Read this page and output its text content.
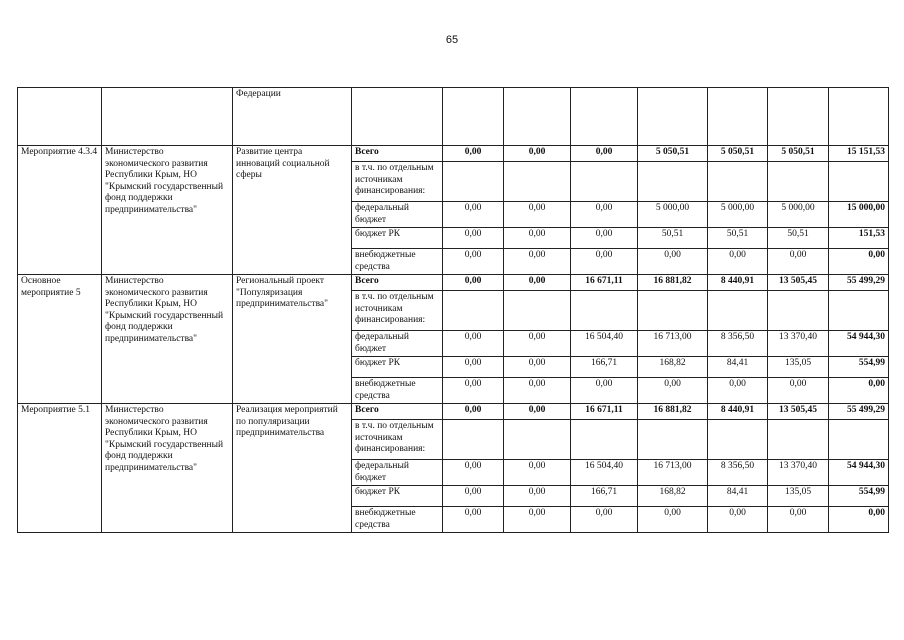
65
		Федерации								
Мероприятие 4.3.4	Министерство экономического развития Республики Крым, НО "Крымский государственный фонд поддержки предпринимательства"	Развитие центра инноваций социальной сферы	Всего	0,00	0,00	0,00	5 050,51	5 050,51	5 050,51	15 151,53
			в т.ч. по отдельным источникам финансирования:							
			федеральный бюджет	0,00	0,00	0,00	5 000,00	5 000,00	5 000,00	15 000,00
			бюджет РК	0,00	0,00	0,00	50,51	50,51	50,51	151,53
			внебюджетные средства	0,00	0,00	0,00	0,00	0,00	0,00	0,00
Основное мероприятие 5	Министерство экономического развития Республики Крым, НО "Крымский государственный фонд поддержки предпринимательства"	Региональный проект "Популяризация предпринимательства"	Всего	0,00	0,00	16 671,11	16 881,82	8 440,91	13 505,45	55 499,29
			в т.ч. по отдельным источникам финансирования:							
			федеральный бюджет	0,00	0,00	16 504,40	16 713,00	8 356,50	13 370,40	54 944,30
			бюджет РК	0,00	0,00	166,71	168,82	84,41	135,05	554,99
			внебюджетные средства	0,00	0,00	0,00	0,00	0,00	0,00	0,00
Мероприятие 5.1	Министерство экономического развития Республики Крым, НО "Крымский государственный фонд поддержки предпринимательства"	Реализация мероприятий по популяризации предпринимательства	Всего	0,00	0,00	16 671,11	16 881,82	8 440,91	13 505,45	55 499,29
			в т.ч. по отдельным источникам финансирования:							
			федеральный бюджет	0,00	0,00	16 504,40	16 713,00	8 356,50	13 370,40	54 944,30
			бюджет РК	0,00	0,00	166,71	168,82	84,41	135,05	554,99
			внебюджетные средства	0,00	0,00	0,00	0,00	0,00	0,00	0,00
